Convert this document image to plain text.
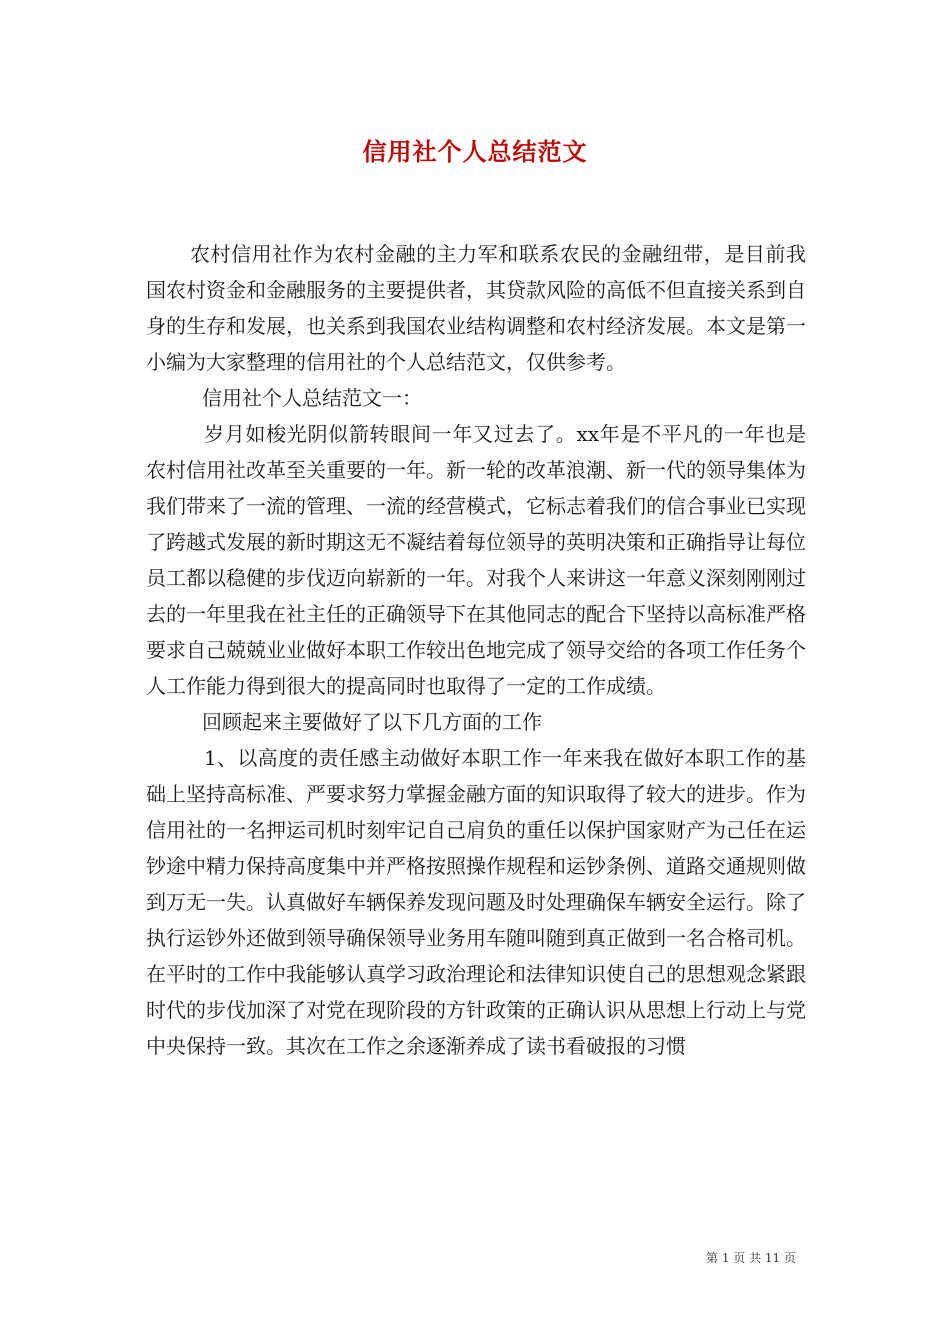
信用社个人总结范文

农村信用社作为农村金融的主力军和联系农民的金融纽带，是目前我国农村资金和金融服务的主要提供者，其贷款风险的高低不但直接关系到自身的生存和发展，也关系到我国农业结构调整和农村经济发展。本文是第一小编为大家整理的信用社的个人总结范文，仅供参考。

信用社个人总结范文一：

岁月如梭光阴似箭转眼间一年又过去了。xx年是不平凡的一年也是农村信用社改革至关重要的一年。新一轮的改革浪潮、新一代的领导集体为我们带来了一流的管理、一流的经营模式，它标志着我们的信合事业已实现了跨越式发展的新时期这无不凝结着每位领导的英明决策和正确指导让每位员工都以稳健的步伐迈向崭新的一年。对我个人来讲这一年意义深刻刚刚过去的一年里我在社主任的正确领导下在其他同志的配合下坚持以高标准严格要求自己兢兢业业做好本职工作较出色地完成了领导交给的各项工作任务个人工作能力得到很大的提高同时也取得了一定的工作成绩。

回顾起来主要做好了以下几方面的工作

1、以高度的责任感主动做好本职工作一年来我在做好本职工作的基础上坚持高标准、严要求努力掌握金融方面的知识取得了较大的进步。作为信用社的一名押运司机时刻牢记自己肩负的重任以保护国家财产为己任在运钞途中精力保持高度集中并严格按照操作规程和运钞条例、道路交通规则做到万无一失。认真做好车辆保养发现问题及时处理确保车辆安全运行。除了执行运钞外还做到领导确保领导业务用车随叫随到真正做到一名合格司机。在平时的工作中我能够认真学习政治理论和法律知识使自己的思想观念紧跟时代的步伐加深了对党在现阶段的方针政策的正确认识从思想上行动上与党中央保持一致。其次在工作之余逐渐养成了读书看破报的习惯

第 1 页 共 11 页
